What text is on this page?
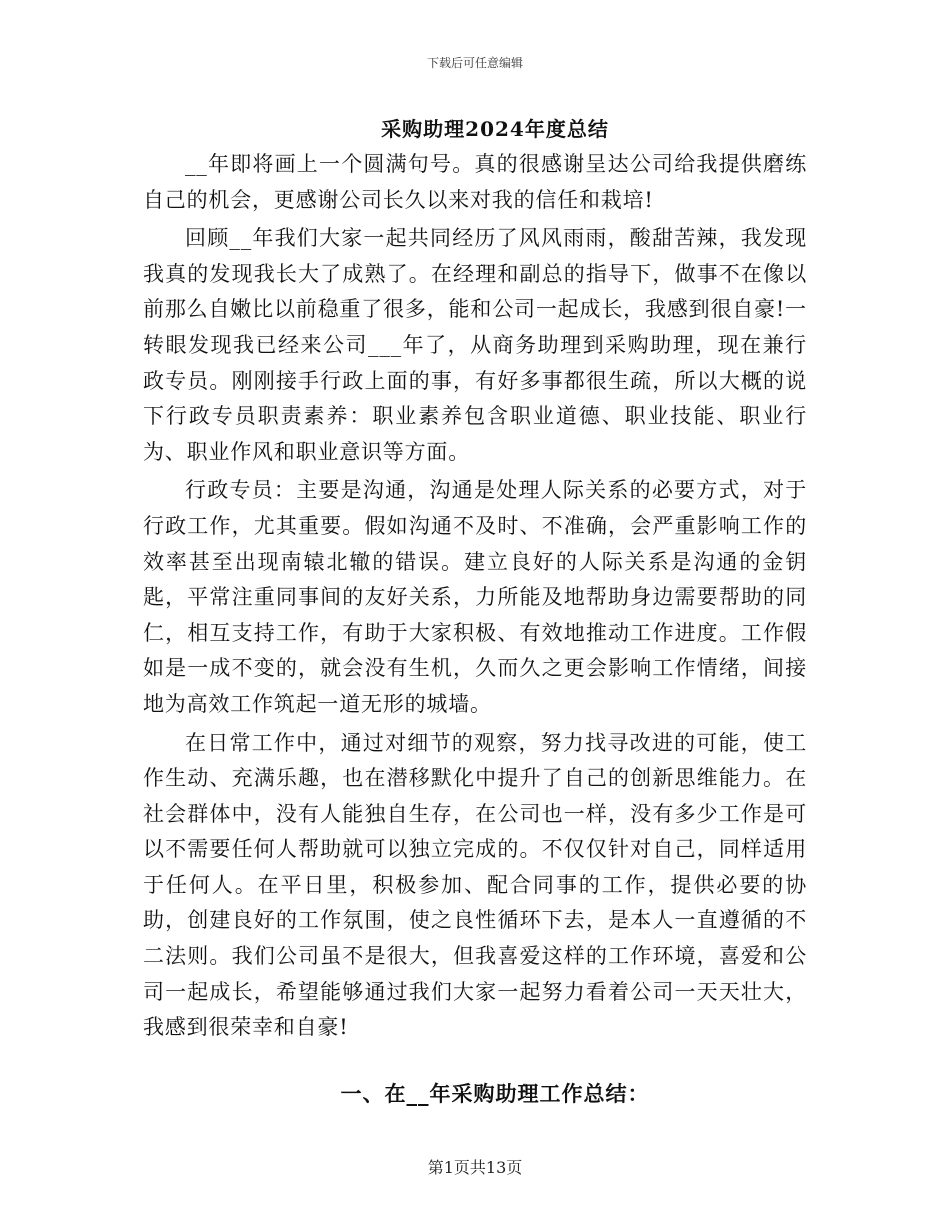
下载后可任意编辑
采购助理2024年度总结

__年即将画上一个圆满句号。真的很感谢呈达公司给我提供磨练自己的机会，更感谢公司长久以来对我的信任和栽培!

回顾__年我们大家一起共同经历了风风雨雨，酸甜苦辣，我发现我真的发现我长大了成熟了。在经理和副总的指导下，做事不在像以前那么自嫩比以前稳重了很多，能和公司一起成长，我感到很自豪!一转眼发现我已经来公司___年了，从商务助理到采购助理，现在兼行政专员。刚刚接手行政上面的事，有好多事都很生疏，所以大概的说下行政专员职责素养：职业素养包含职业道德、职业技能、职业行为、职业作风和职业意识等方面。

行政专员：主要是沟通，沟通是处理人际关系的必要方式，对于行政工作，尤其重要。假如沟通不及时、不准确，会严重影响工作的效率甚至出现南辕北辙的错误。建立良好的人际关系是沟通的金钥匙，平常注重同事间的友好关系，力所能及地帮助身边需要帮助的同仁，相互支持工作，有助于大家积极、有效地推动工作进度。工作假如是一成不变的，就会没有生机，久而久之更会影响工作情绪，间接地为高效工作筑起一道无形的城墙。

在日常工作中，通过对细节的观察，努力找寻改进的可能，使工作生动、充满乐趣，也在潜移默化中提升了自己的创新思维能力。在社会群体中，没有人能独自生存，在公司也一样，没有多少工作是可以不需要任何人帮助就可以独立完成的。不仅仅针对自己，同样适用于任何人。在平日里，积极参加、配合同事的工作，提供必要的协助，创建良好的工作氛围，使之良性循环下去，是本人一直遵循的不二法则。我们公司虽不是很大，但我喜爱这样的工作环境，喜爱和公司一起成长，希望能够通过我们大家一起努力看着公司一天天壮大，我感到很荣幸和自豪!

一、在__年采购助理工作总结：
第1页共13页
